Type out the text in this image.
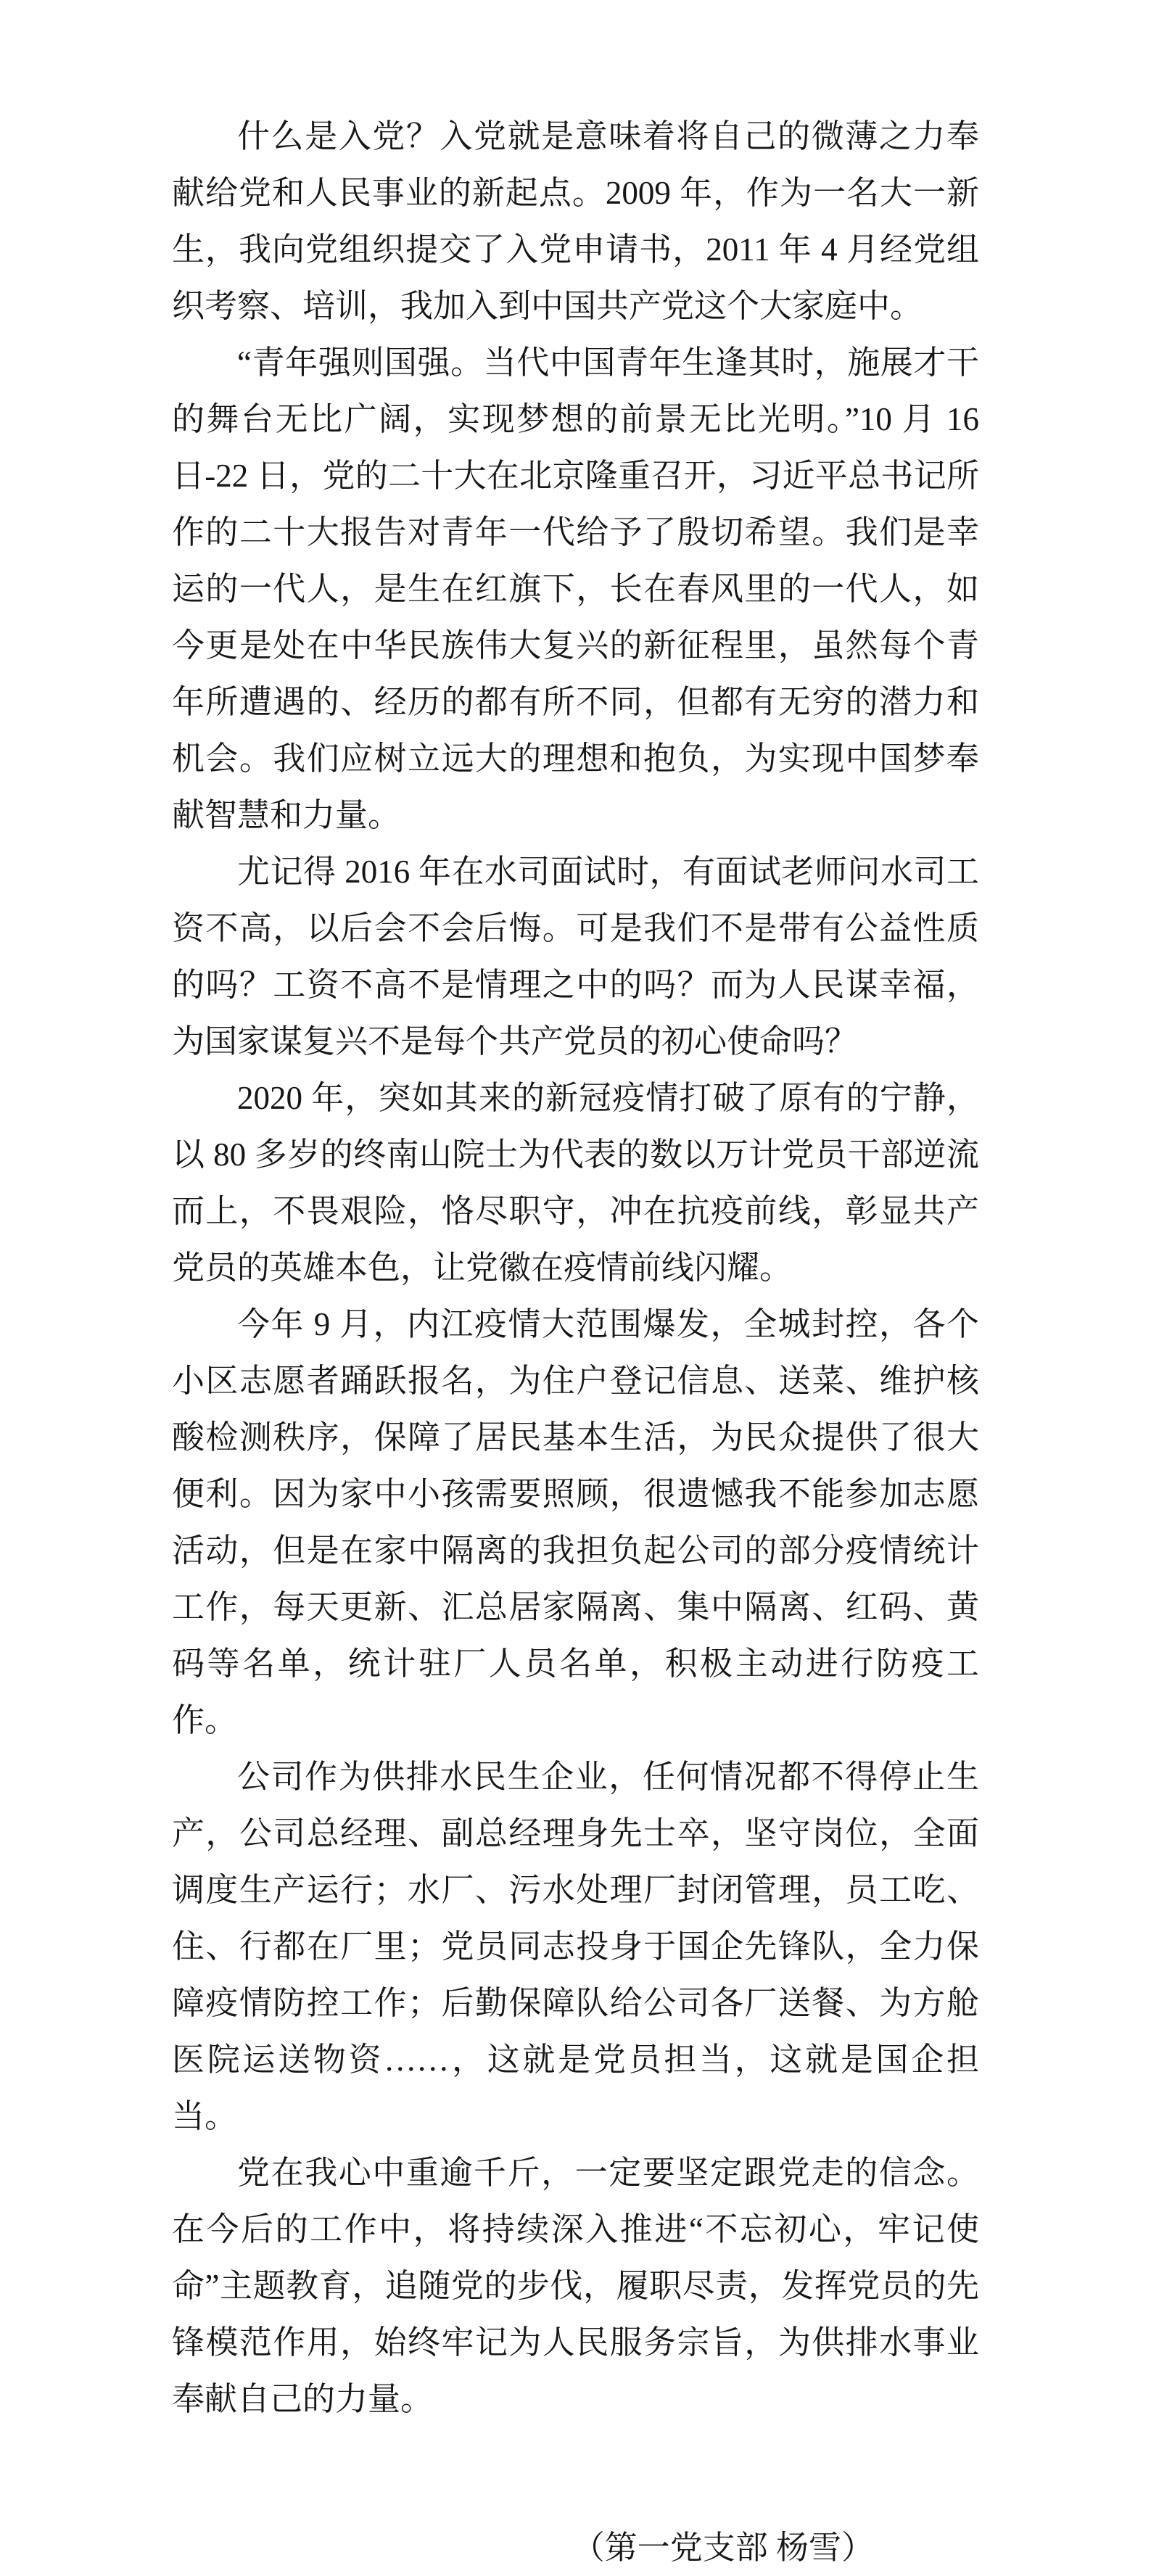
什么是入党？入党就是意味着将自己的微薄之力奉献给党和人民事业的新起点。2009 年，作为一名大一新生，我向党组织提交了入党申请书，2011 年 4 月经党组织考察、培训，我加入到中国共产党这个大家庭中。

“青年强则国强。当代中国青年生逢其时，施展才干的舞台无比广阔，实现梦想的前景无比光明。”10 月 16 日-22 日，党的二十大在北京隆重召开，习近平总书记所作的二十大报告对青年一代给予了殷切希望。我们是幸运的一代人，是生在红旗下，长在春风里的一代人，如今更是处在中华民族伟大复兴的新征程里，虽然每个青年所遭遇的、经历的都有所不同，但都有无穷的潜力和机会。我们应树立远大的理想和抱负，为实现中国梦奉献智慧和力量。

尤记得 2016 年在水司面试时，有面试老师问水司工资不高，以后会不会后悔。可是我们不是带有公益性质的吗？工资不高不是情理之中的吗？而为人民谋幸福，为国家谋复兴不是每个共产党员的初心使命吗？

2020 年，突如其来的新冠疫情打破了原有的宁静，以 80 多岁的终南山院士为代表的数以万计党员干部逆流而上，不畏艰险，恪尽职守，冲在抗疫前线，彰显共产党员的英雄本色，让党徽在疫情前线闪耀。

今年 9 月，内江疫情大范围爆发，全城封控，各个小区志愿者踊跃报名，为住户登记信息、送菜、维护核酸检测秩序，保障了居民基本生活，为民众提供了很大便利。因为家中小孩需要照顾，很遗憾我不能参加志愿活动，但是在家中隔离的我担负起公司的部分疫情统计工作，每天更新、汇总居家隔离、集中隔离、红码、黄码等名单，统计驻厂人员名单，积极主动进行防疫工作。

公司作为供排水民生企业，任何情况都不得停止生产，公司总经理、副总经理身先士卒，坚守岗位，全面调度生产运行；水厂、污水处理厂封闭管理，员工吃、住、行都在厂里；党员同志投身于国企先锋队，全力保障疫情防控工作；后勤保障队给公司各厂送餐、为方舱医院运送物资……，这就是党员担当，这就是国企担当。

党在我心中重逾千斤，一定要坚定跟党走的信念。在今后的工作中，将持续深入推进“不忘初心，牢记使命”主题教育，追随党的步伐，履职尽责，发挥党员的先锋模范作用，始终牢记为人民服务宗旨，为供排水事业奉献自己的力量。

（第一党支部 杨雪）
